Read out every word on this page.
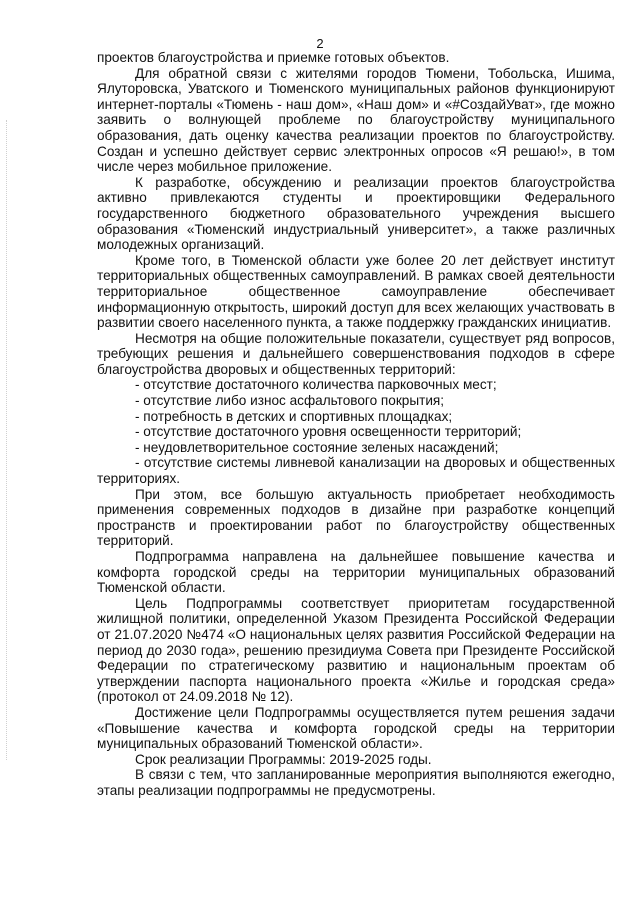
2

проектов благоустройства и приемке готовых объектов.

Для обратной связи с жителями городов Тюмени, Тобольска, Ишима, Ялуторовска, Уватского и Тюменского муниципальных районов функционируют интернет-порталы «Тюмень - наш дом», «Наш дом» и «#СоздайУват», где можно заявить о волнующей проблеме по благоустройству муниципального образования, дать оценку качества реализации проектов по благоустройству. Создан и успешно действует сервис электронных опросов «Я решаю!», в том числе через мобильное приложение.

К разработке, обсуждению и реализации проектов благоустройства активно привлекаются студенты и проектировщики Федерального государственного бюджетного образовательного учреждения высшего образования «Тюменский индустриальный университет», а также различных молодежных организаций.

Кроме того, в Тюменской области уже более 20 лет действует институт территориальных общественных самоуправлений. В рамках своей деятельности территориальное общественное самоуправление обеспечивает информационную открытость, широкий доступ для всех желающих участвовать в развитии своего населенного пункта, а также поддержку гражданских инициатив.

Несмотря на общие положительные показатели, существует ряд вопросов, требующих решения и дальнейшего совершенствования подходов в сфере благоустройства дворовых и общественных территорий:

- отсутствие достаточного количества парковочных мест;

- отсутствие либо износ асфальтового покрытия;

- потребность в детских и спортивных площадках;

- отсутствие достаточного уровня освещенности территорий;

- неудовлетворительное состояние зеленых насаждений;

- отсутствие системы ливневой канализации на дворовых и общественных территориях.

При этом, все большую актуальность приобретает необходимость применения современных подходов в дизайне при разработке концепций пространств и проектировании работ по благоустройству общественных территорий.

Подпрограмма направлена на дальнейшее повышение качества и комфорта городской среды на территории муниципальных образований Тюменской области.

Цель Подпрограммы соответствует приоритетам государственной жилищной политики, определенной Указом Президента Российской Федерации от 21.07.2020 №474 «О национальных целях развития Российской Федерации на период до 2030 года», решению президиума Совета при Президенте Российской Федерации по стратегическому развитию и национальным проектам об утверждении паспорта национального проекта «Жилье и городская среда» (протокол от 24.09.2018 № 12).

Достижение цели Подпрограммы осуществляется путем решения задачи «Повышение качества и комфорта городской среды на территории муниципальных образований Тюменской области».

Срок реализации Программы: 2019-2025 годы.

В связи с тем, что запланированные мероприятия выполняются ежегодно, этапы реализации подпрограммы не предусмотрены.
